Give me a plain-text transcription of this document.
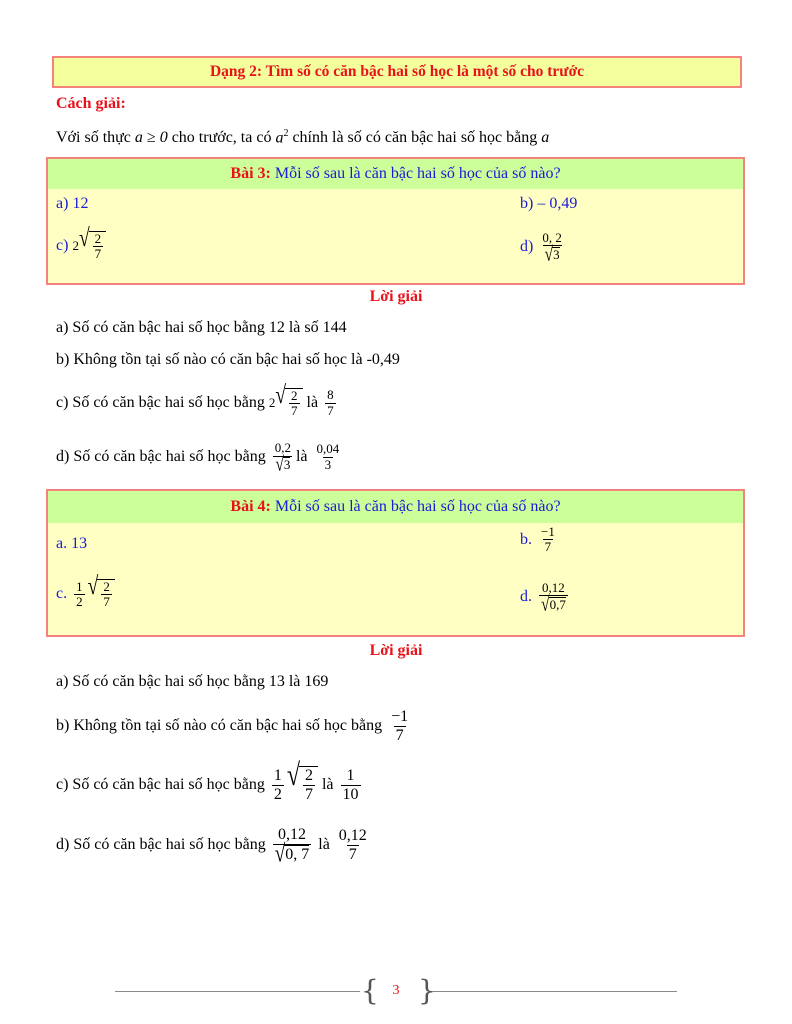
Dạng 2: Tìm số có căn bậc hai số học là một số cho trước
Cách giải:
Với số thực
a ≥ 0
cho trước, ta có
$a^2$
chính là số có căn bậc hai số học bằng
a
Bài 3:
Mỗi số sau là căn bậc hai số học của số nào?
a)
12	b)
– 0,49
c)
2 √ $\frac{2}{7}$	d)
$\frac{0, 2}{√ 3}$
Lời giải
a) Số có căn bậc hai số học bằng 12 là số 144
b) Không tồn tại số nào có căn bậc hai số học là -0,49
c) Số có căn bậc hai số học bằng
2 √ $\frac{2}{7}$
là
$\frac{8}{7}$
d) Số có căn bậc hai số học bằng
$\frac{0,2}{√ 3}$ là
$\frac{0,04}{3}$
Bài 4:
Mỗi số sau là căn bậc hai số học của số nào?
a.
13	b.
$\frac{-1}{7}$
c.
$\frac{1}{2}$ √ $\frac{2}{7}$	d.
$\frac{0,12}{√ 0,7}$
Lời giải
a) Số có căn bậc hai số học bằng 13 là 169
b) Không tồn tại số nào có căn bậc hai số học bằng
$\frac{-1}{7}$
c) Số có căn bậc hai số học bằng
$\frac{1}{2}$ √ $\frac{2}{7}$
là
$\frac{1}{10}$
d) Số có căn bậc hai số học bằng
$\frac{0,12}{√ 0, 7}$
là
$\frac{0,12}{7}$
{ }
3
